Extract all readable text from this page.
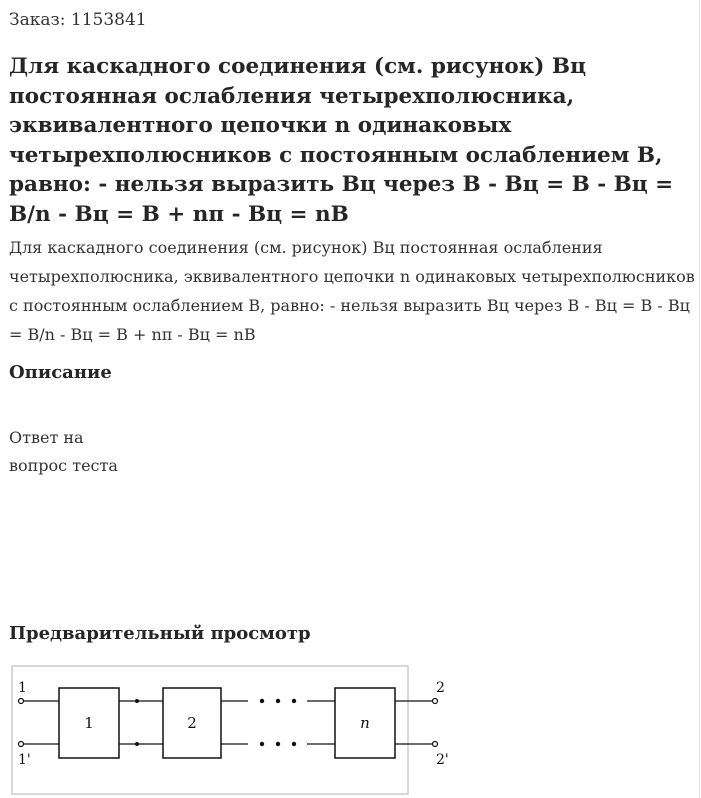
Заказ: 1153841
Для каскадного соединения (см. рисунок) Вц постоянная ослабления четырехполюсника, эквивалентного цепочки n одинаковых четырехполюсников с постоянным ослаблением В, равно: - нельзя выразить Вц через В - Вц = В - Вц = В/n - Вц = В + nπ - Вц = nВ
Для каскадного соединения (см. рисунок) Вц постоянная ослабления четырехполюсника, эквивалентного цепочки n одинаковых четырехполюсников с постоянным ослаблением В, равно: - нельзя выразить Вц через В - Вц = В - Вц = В/n - Вц = В + nπ - Вц = nВ
Описание
Ответ на
вопрос теста
Предварительный просмотр
1	2	n
1
1'
2
2'
